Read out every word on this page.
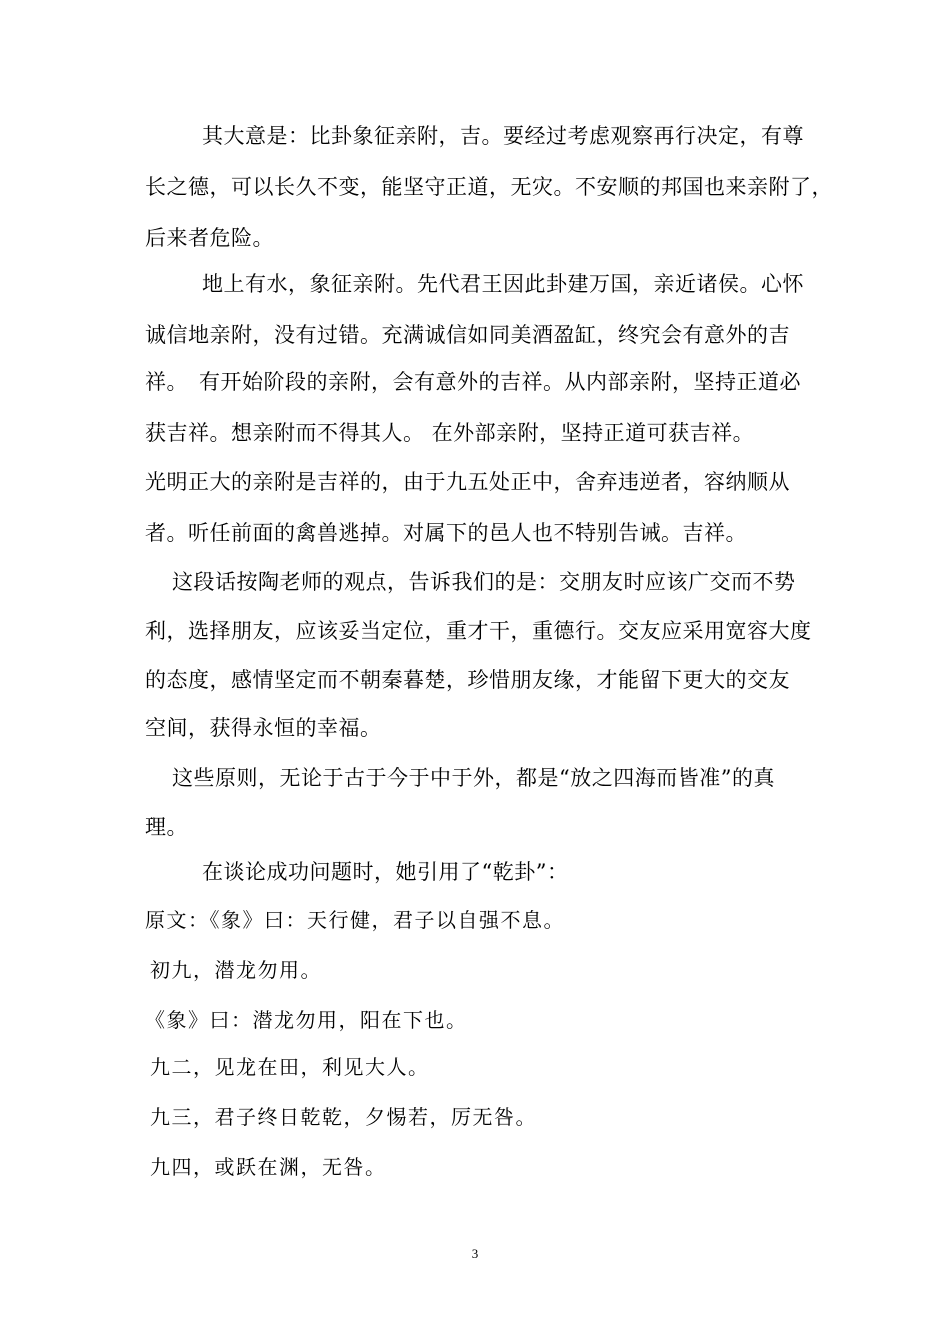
其大意是：比卦象征亲附，吉。要经过考虑观察再行决定，有尊
长之德，可以长久不变，能坚守正道，无灾。不安顺的邦国也来亲附了，
后来者危险。
地上有水，象征亲附。先代君王因此卦建万国，亲近诸侯。心怀
诚信地亲附，没有过错。充满诚信如同美酒盈缸，终究会有意外的吉
祥。　有开始阶段的亲附，会有意外的吉祥。从内部亲附，坚持正道必
获吉祥。想亲附而不得其人。 在外部亲附，坚持正道可获吉祥。
光明正大的亲附是吉祥的，由于九五处正中，舍弃违逆者，容纳顺从
者。听任前面的禽兽逃掉。对属下的邑人也不特别告诫。吉祥。
这段话按陶老师的观点，告诉我们的是：交朋友时应该广交而不势
利，选择朋友，应该妥当定位，重才干，重德行。交友应采用宽容大度
的态度，感情坚定而不朝秦暮楚，珍惜朋友缘，才能留下更大的交友
空间，获得永恒的幸福。
这些原则，无论于古于今于中于外，都是“放之四海而皆准”的真
理。
在谈论成功问题时，她引用了“乾卦”：
原文：《象》曰：天行健，君子以自强不息。
初九，潜龙勿用。
《象》曰：潜龙勿用，阳在下也。
九二，见龙在田，利见大人。
九三，君子终日乾乾，夕惕若，厉无咎。
九四，或跃在渊，无咎。
3
